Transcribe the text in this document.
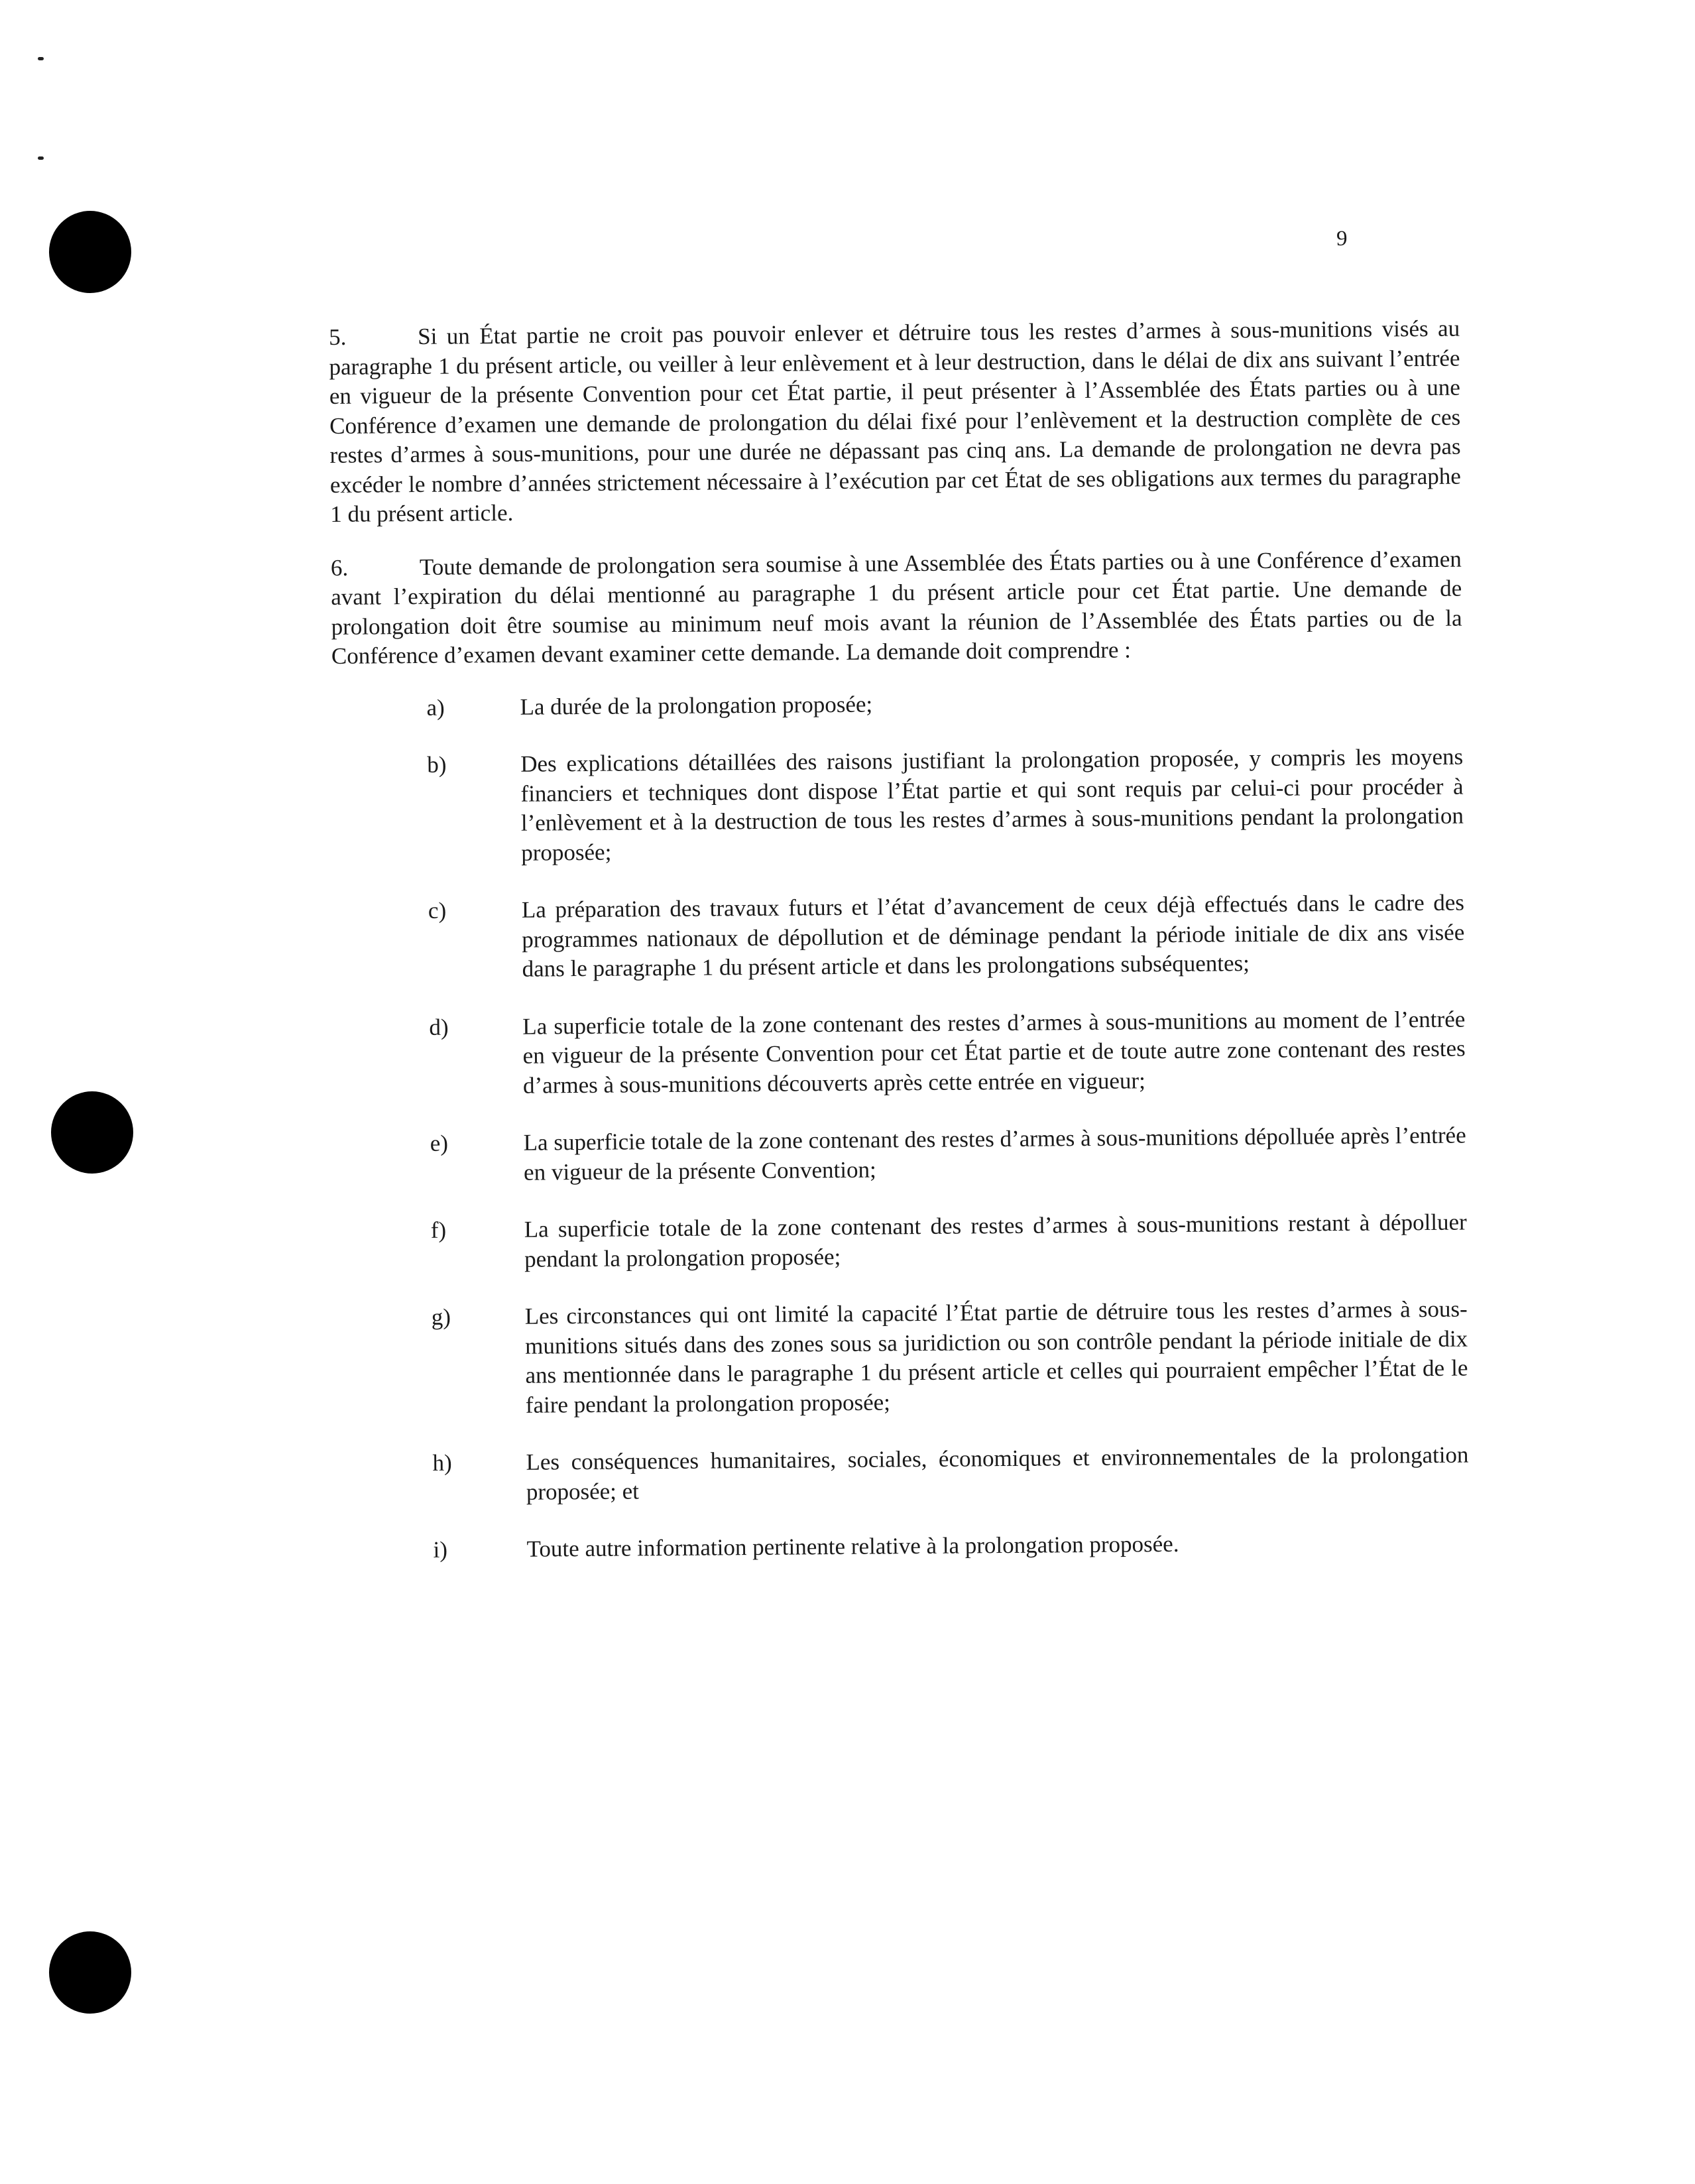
9

5.	Si un État partie ne croit pas pouvoir enlever et détruire tous les restes d’armes à sous-munitions visés au paragraphe 1 du présent article, ou veiller à leur enlèvement et à leur destruction, dans le délai de dix ans suivant l’entrée en vigueur de la présente Convention pour cet État partie, il peut présenter à l’Assemblée des États parties ou à une Conférence d’examen une demande de prolongation du délai fixé pour l’enlèvement et la destruction complète de ces restes d’armes à sous-munitions, pour une durée ne dépassant pas cinq ans. La demande de prolongation ne devra pas excéder le nombre d’années strictement nécessaire à l’exécution par cet État de ses obligations aux termes du paragraphe 1 du présent article.

6.	Toute demande de prolongation sera soumise à une Assemblée des États parties ou à une Conférence d’examen avant l’expiration du délai mentionné au paragraphe 1 du présent article pour cet État partie. Une demande de prolongation doit être soumise au minimum neuf mois avant la réunion de l’Assemblée des États parties ou de la Conférence d’examen devant examiner cette demande. La demande doit comprendre :

a)	La durée de la prolongation proposée;
b)	Des explications détaillées des raisons justifiant la prolongation proposée, y compris les moyens financiers et techniques dont dispose l’État partie et qui sont requis par celui-ci pour procéder à l’enlèvement et à la destruction de tous les restes d’armes à sous-munitions pendant la prolongation proposée;
c)	La préparation des travaux futurs et l’état d’avancement de ceux déjà effectués dans le cadre des programmes nationaux de dépollution et de déminage pendant la période initiale de dix ans visée dans le paragraphe 1 du présent article et dans les prolongations subséquentes;
d)	La superficie totale de la zone contenant des restes d’armes à sous-munitions au moment de l’entrée en vigueur de la présente Convention pour cet État partie et de toute autre zone contenant des restes d’armes à sous-munitions découverts après cette entrée en vigueur;
e)	La superficie totale de la zone contenant des restes d’armes à sous-munitions dépolluée après l’entrée en vigueur de la présente Convention;
f)	La superficie totale de la zone contenant des restes d’armes à sous-munitions restant à dépolluer pendant la prolongation proposée;
g)	Les circonstances qui ont limité la capacité l’État partie de détruire tous les restes d’armes à sous-munitions situés dans des zones sous sa juridiction ou son contrôle pendant la période initiale de dix ans mentionnée dans le paragraphe 1 du présent article et celles qui pourraient empêcher l’État de le faire pendant la prolongation proposée;
h)	Les conséquences humanitaires, sociales, économiques et environnementales de la prolongation proposée; et
i)	Toute autre information pertinente relative à la prolongation proposée.
